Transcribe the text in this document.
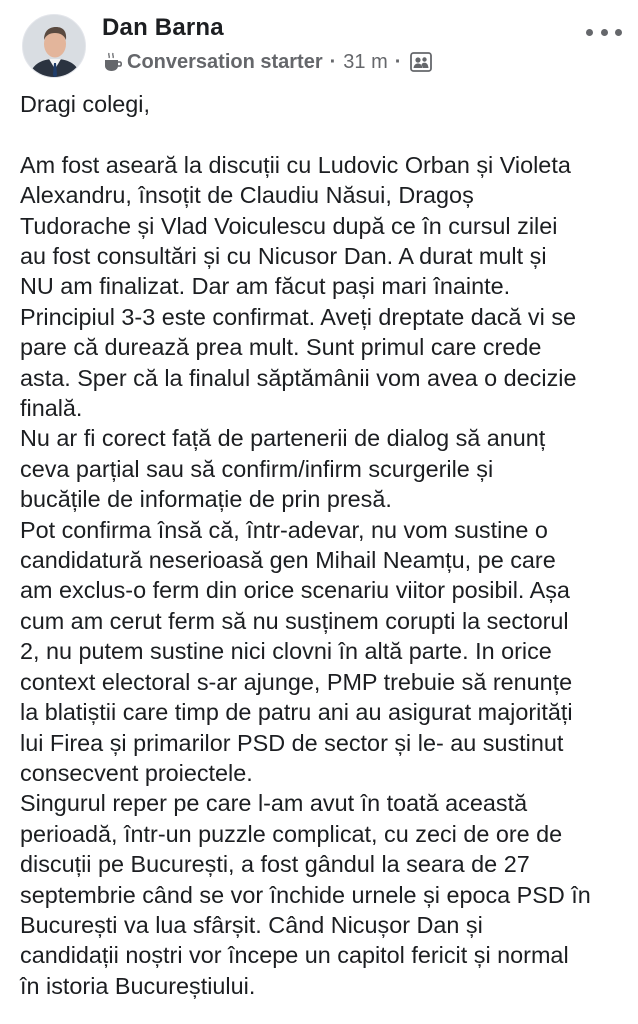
Dan Barna
Conversation starter · 31 m ·

Dragi colegi,

Am fost aseară la discuții cu Ludovic Orban și Violeta
Alexandru, însoțit de Claudiu Năsui, Dragoș
Tudorache și Vlad Voiculescu după ce în cursul zilei
au fost consultări și cu Nicusor Dan. A durat mult și
NU am finalizat. Dar am făcut pași mari înainte.
Principiul 3-3 este confirmat. Aveți dreptate dacă vi se
pare că durează prea mult. Sunt primul care crede
asta. Sper că la finalul săptămânii vom avea o decizie
finală.

Nu ar fi corect față de partenerii de dialog să anunț
ceva parțial sau să confirm/infirm scurgerile și
bucățile de informație de prin presă.

Pot confirma însă că, într-adevar, nu vom sustine o
candidatură neserioasă gen Mihail Neamțu, pe care
am exclus-o ferm din orice scenariu viitor posibil. Așa
cum am cerut ferm să nu susținem corupti la sectorul
2, nu putem sustine nici clovni în altă parte. In orice
context electoral s-ar ajunge, PMP trebuie să renunțe
la blatiștii care timp de patru ani au asigurat majorități
lui Firea și primarilor PSD de sector și le- au sustinut
consecvent proiectele.

Singurul reper pe care l-am avut în toată această
perioadă, într-un puzzle complicat, cu zeci de ore de
discuții pe București, a fost gândul la seara de 27
septembrie când se vor închide urnele și epoca PSD în
București va lua sfârșit. Când Nicușor Dan și
candidații noștri vor începe un capitol fericit și normal
în istoria Bucureștiului.
